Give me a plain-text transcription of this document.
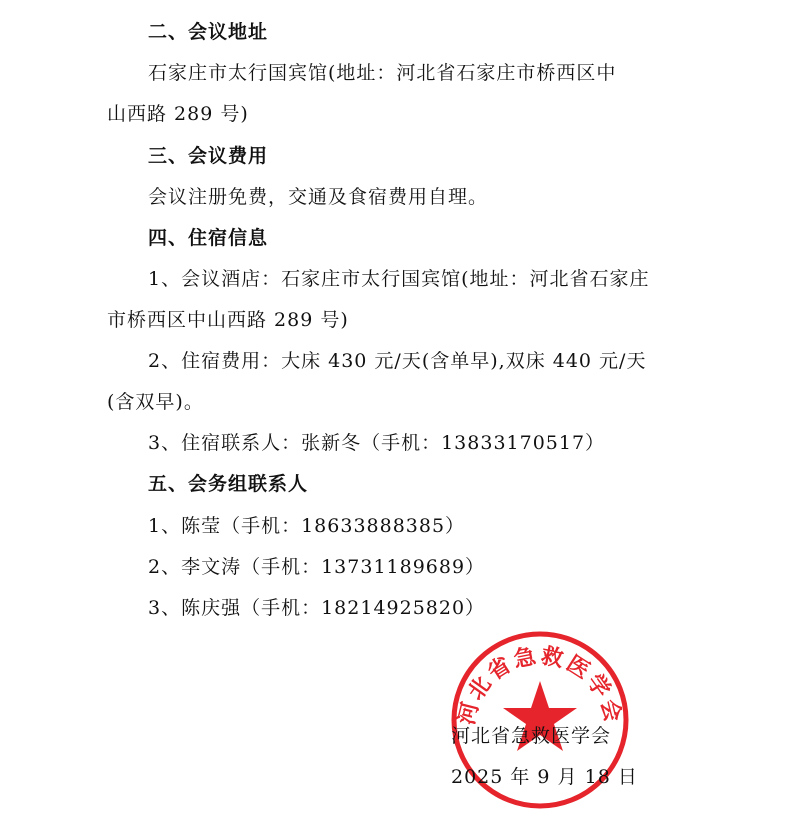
二、会议地址
石家庄市太行国宾馆(地址：河北省石家庄市桥西区中
山西路 289 号)
三、会议费用
会议注册免费，交通及食宿费用自理。
四、住宿信息
1、会议酒店：石家庄市太行国宾馆(地址：河北省石家庄
市桥西区中山西路 289 号)
2、住宿费用：大床 430 元/天(含单早),双床 440 元/天
(含双早)。
3、住宿联系人：张新冬（手机：13833170517）
五、会务组联系人
1、陈莹（手机：18633888385）
2、李文涛（手机：13731189689）
3、陈庆强（手机：18214925820）
河北省急救医学会
河北省急救医学会
2025 年 9 月 18 日
